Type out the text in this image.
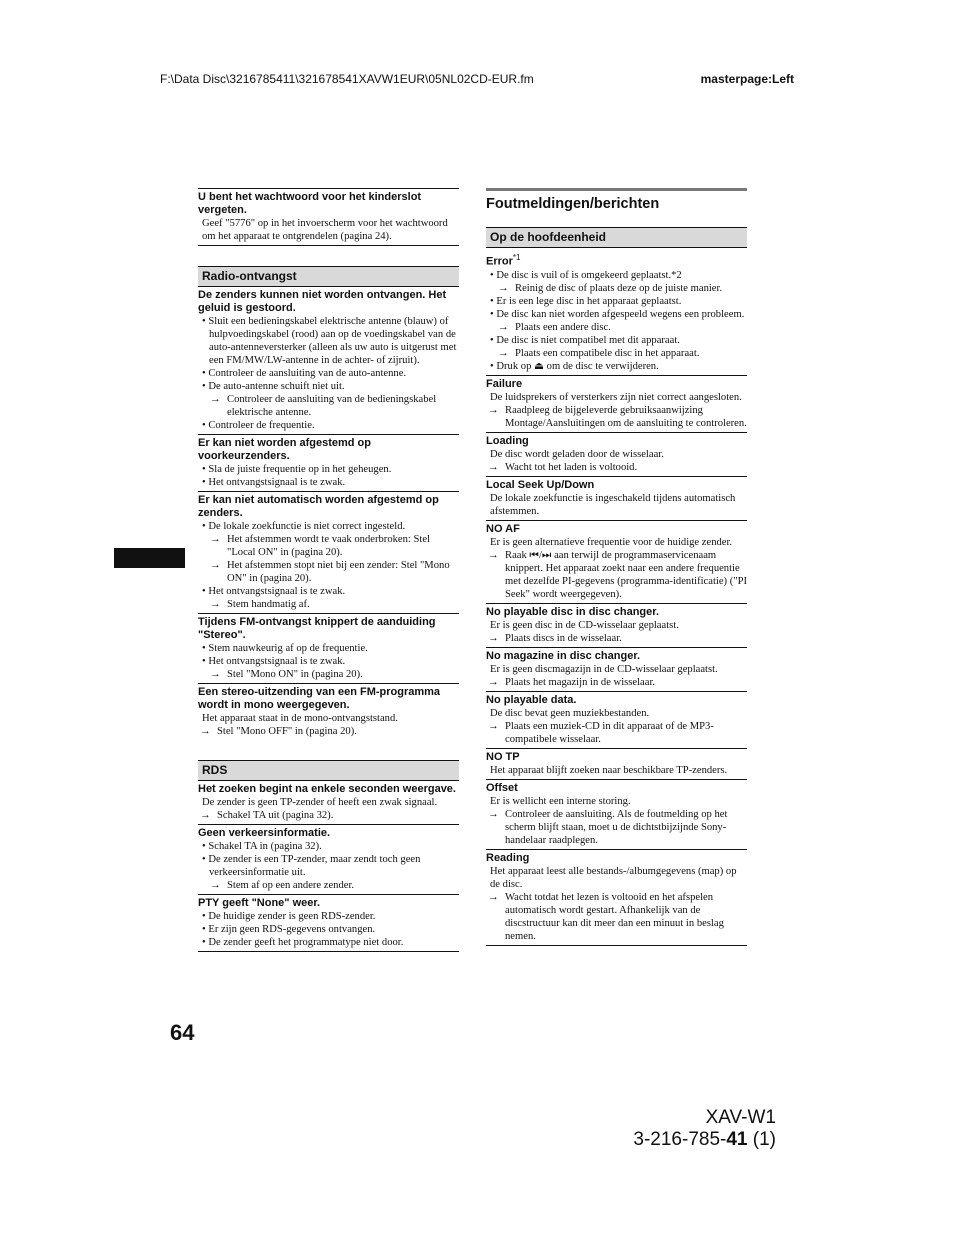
F:\Data Disc\3216785411\321678541XAVW1EUR\05NL02CD-EUR.fm	masterpage:Left
64
XAV-W1
3-216-785-41 (1)
U bent het wachtwoord voor het kinderslot vergeten.
Geef "5776" op in het invoerscherm voor het wachtwoord om het apparaat te ontgrendelen (pagina 24).
Radio-ontvangst
De zenders kunnen niet worden ontvangen. Het geluid is gestoord.
• Sluit een bedieningskabel elektrische antenne (blauw) of hulpvoedingskabel (rood) aan op de voedingskabel van de auto-antenneversterker (alleen als uw auto is uitgerust met een FM/MW/LW-antenne in de achter- of zijruit).
• Controleer de aansluiting van de auto-antenne.
• De auto-antenne schuift niet uit.
→ Controleer de aansluiting van de bedieningskabel elektrische antenne.
• Controleer de frequentie.
Er kan niet worden afgestemd op voorkeurzenders.
• Sla de juiste frequentie op in het geheugen.
• Het ontvangstsignaal is te zwak.
Er kan niet automatisch worden afgestemd op zenders.
• De lokale zoekfunctie is niet correct ingesteld.
→ Het afstemmen wordt te vaak onderbroken: Stel "Local ON" in (pagina 20).
→ Het afstemmen stopt niet bij een zender: Stel "Mono ON" in (pagina 20).
• Het ontvangstsignaal is te zwak.
→ Stem handmatig af.
Tijdens FM-ontvangst knippert de aanduiding "Stereo".
• Stem nauwkeurig af op de frequentie.
• Het ontvangstsignaal is te zwak.
→ Stel "Mono ON" in (pagina 20).
Een stereo-uitzending van een FM-programma wordt in mono weergegeven.
Het apparaat staat in de mono-ontvangststand.
→ Stel "Mono OFF" in (pagina 20).
RDS
Het zoeken begint na enkele seconden weergave.
De zender is geen TP-zender of heeft een zwak signaal.
→ Schakel TA uit (pagina 32).
Geen verkeersinformatie.
• Schakel TA in (pagina 32).
• De zender is een TP-zender, maar zendt toch geen verkeersinformatie uit.
→ Stem af op een andere zender.
PTY geeft "None" weer.
• De huidige zender is geen RDS-zender.
• Er zijn geen RDS-gegevens ontvangen.
• De zender geeft het programmatype niet door.
Foutmeldingen/berichten
Op de hoofdeenheid
Error$^{*1}$
• De disc is vuil of is omgekeerd geplaatst.*2
→ Reinig de disc of plaats deze op de juiste manier.
• Er is een lege disc in het apparaat geplaatst.
• De disc kan niet worden afgespeeld wegens een probleem.
→ Plaats een andere disc.
• De disc is niet compatibel met dit apparaat.
→ Plaats een compatibele disc in het apparaat.
• Druk op ⏏ om de disc te verwijderen.
Failure
De luidsprekers of versterkers zijn niet correct aangesloten.
→ Raadpleeg de bijgeleverde gebruiksaanwijzing Montage/Aansluitingen om de aansluiting te controleren.
Loading
De disc wordt geladen door de wisselaar.
→ Wacht tot het laden is voltooid.
Local Seek Up/Down
De lokale zoekfunctie is ingeschakeld tijdens automatisch afstemmen.
NO AF
Er is geen alternatieve frequentie voor de huidige zender.
→ Raak ⏮/⏭ aan terwijl de programmaservicenaam knippert. Het apparaat zoekt naar een andere frequentie met dezelfde PI-gegevens (programma-identificatie) ("PI Seek" wordt weergegeven).
No playable disc in disc changer.
Er is geen disc in de CD-wisselaar geplaatst.
→ Plaats discs in de wisselaar.
No magazine in disc changer.
Er is geen discmagazijn in de CD-wisselaar geplaatst.
→ Plaats het magazijn in de wisselaar.
No playable data.
De disc bevat geen muziekbestanden.
→ Plaats een muziek-CD in dit apparaat of de MP3-compatibele wisselaar.
NO TP
Het apparaat blijft zoeken naar beschikbare TP-zenders.
Offset
Er is wellicht een interne storing.
→ Controleer de aansluiting. Als de foutmelding op het scherm blijft staan, moet u de dichtstbijzijnde Sony-handelaar raadplegen.
Reading
Het apparaat leest alle bestands-/albumgegevens (map) op de disc.
→ Wacht totdat het lezen is voltooid en het afspelen automatisch wordt gestart. Afhankelijk van de discstructuur kan dit meer dan een minuut in beslag nemen.
